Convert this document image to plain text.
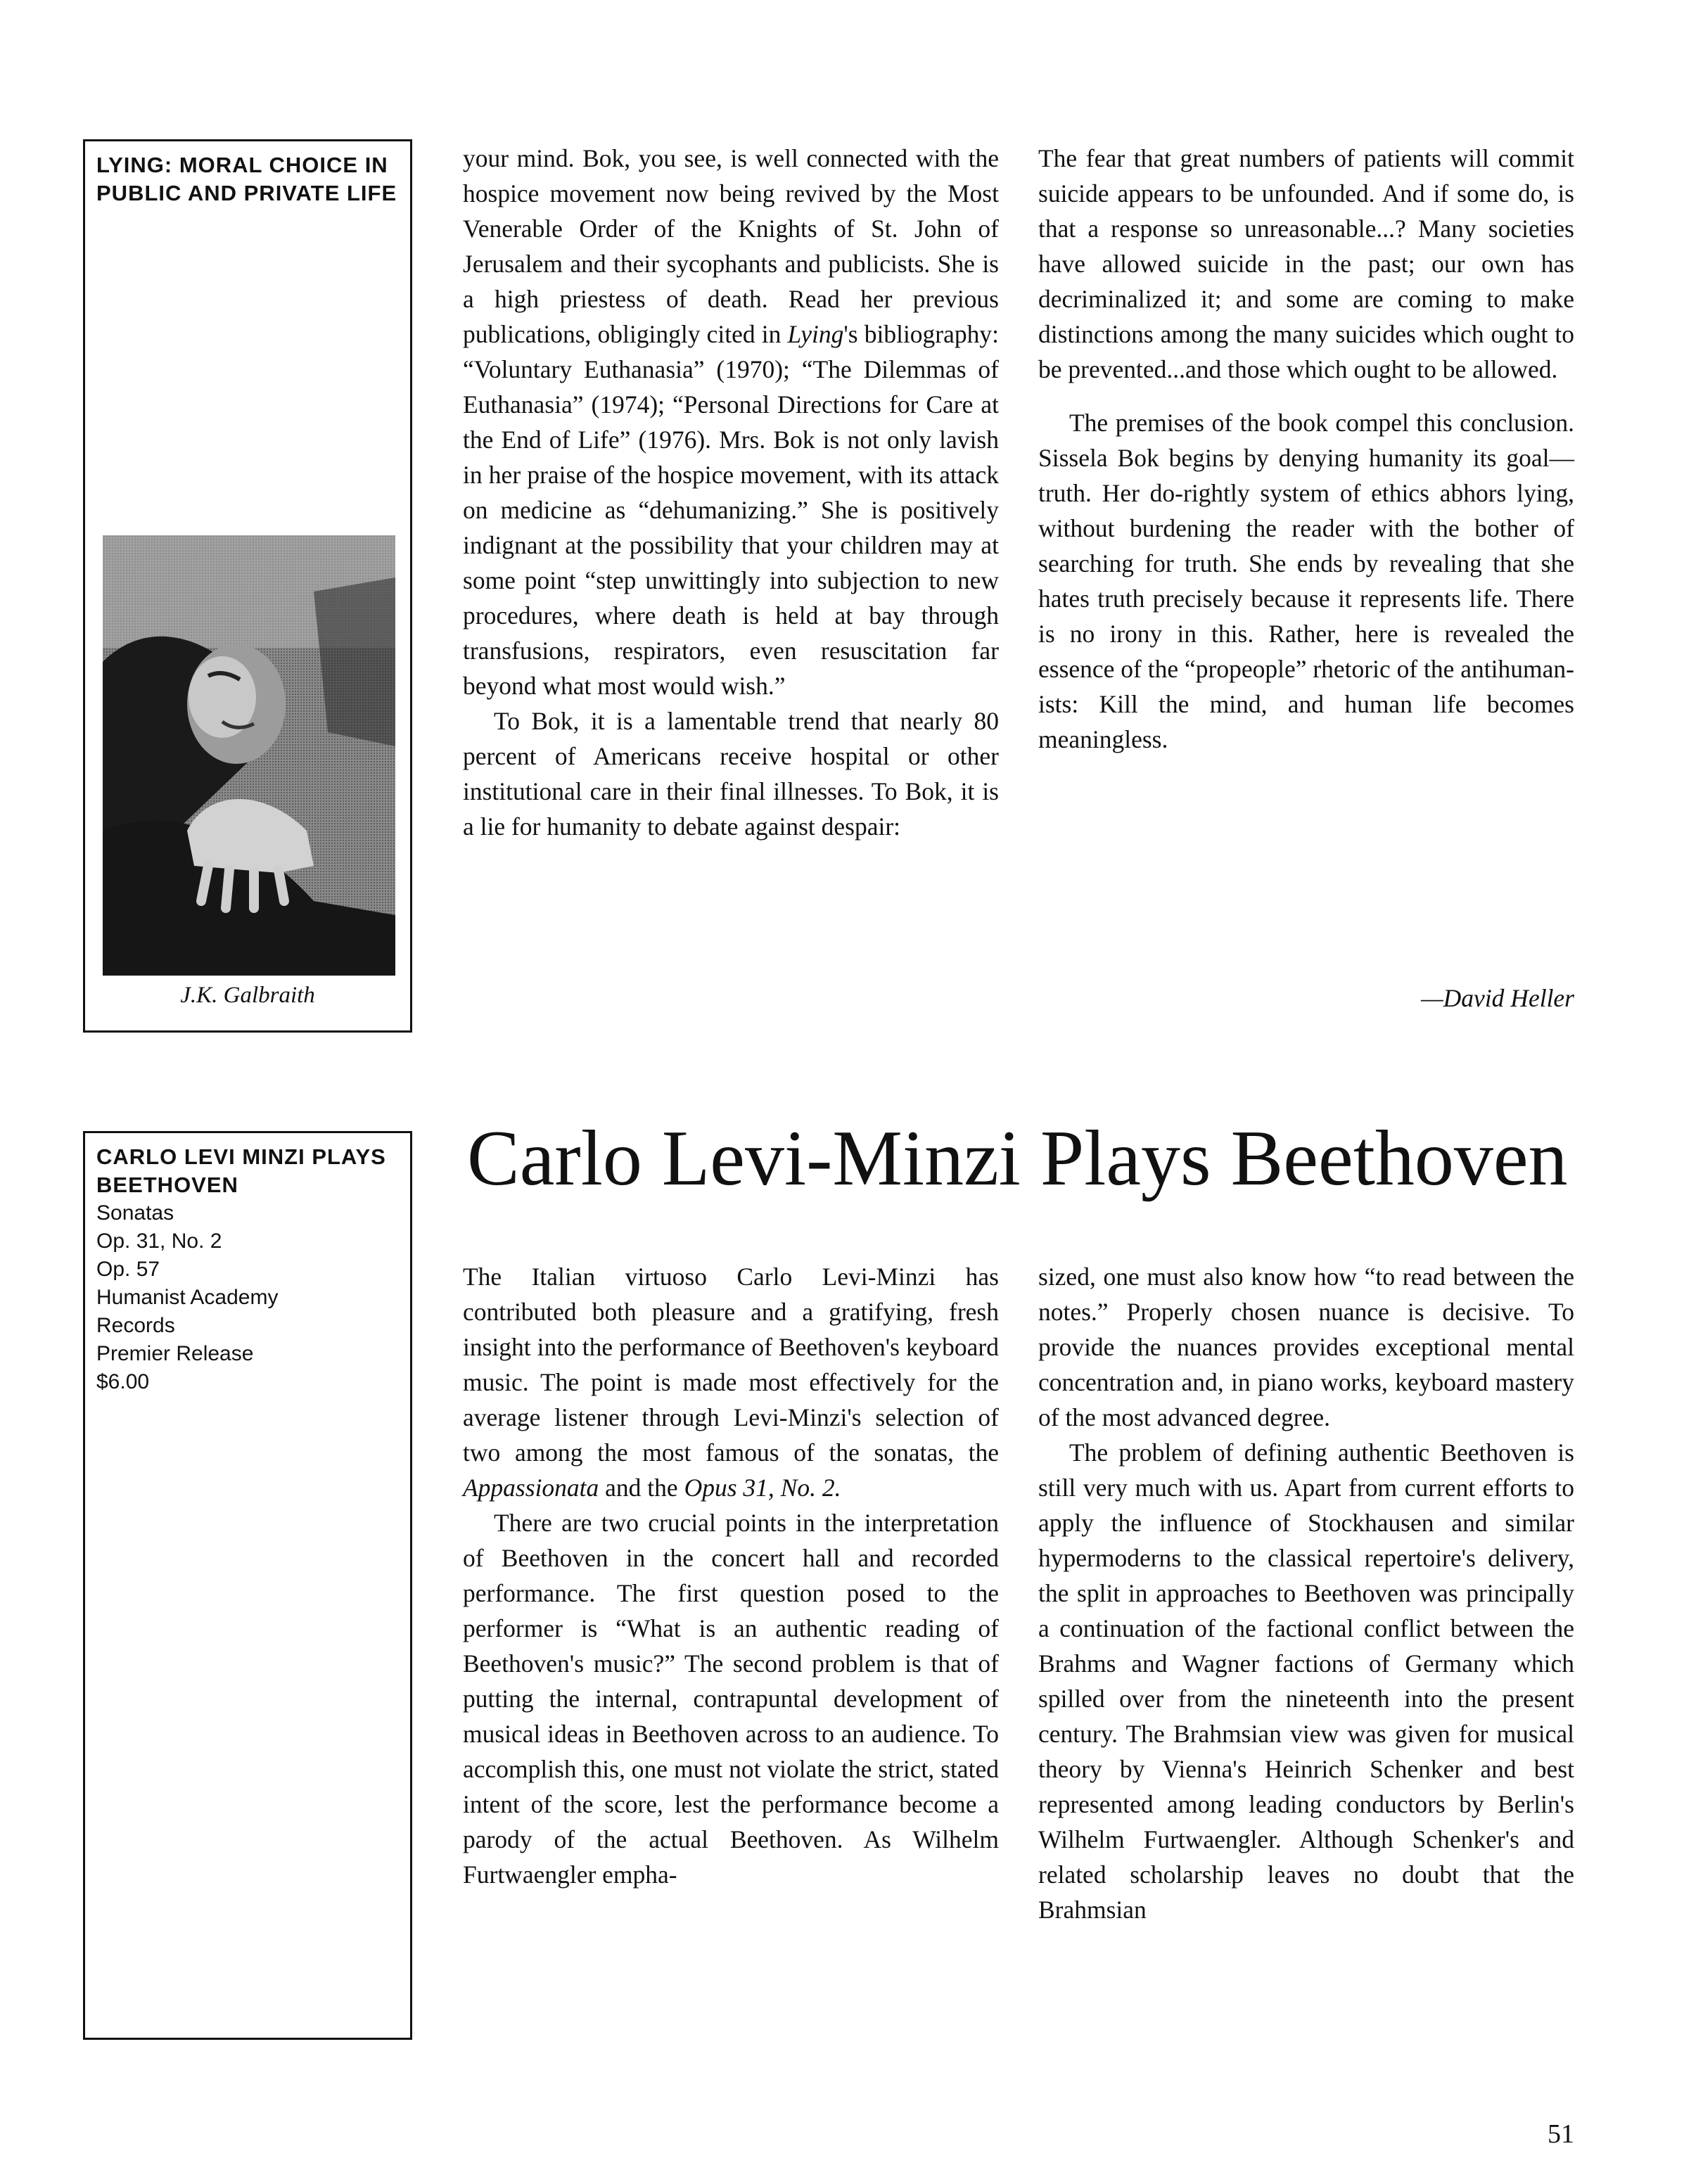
LYING: MORAL CHOICE IN PUBLIC AND PRIVATE LIFE
J.K. Galbraith
CARLO LEVI MINZI PLAYS BEETHOVEN
Sonatas
Op. 31, No. 2
Op. 57
Humanist Academy
Records
Premier Release
$6.00

your mind. Bok, you see, is well connected with the hospice movement now being revived by the Most Venerable Order of the Knights of St. John of Jerusalem and their sycophants and publicists. She is a high priestess of death. Read her previous publications, obligingly cited in Lying's bibliography: “Voluntary Euthanasia” (1970); “The Dilemmas of Euthanasia” (1974); “Personal Directions for Care at the End of Life” (1976). Mrs. Bok is not only lavish in her praise of the hospice movement, with its attack on medicine as “dehumanizing.” She is positively indignant at the possibility that your children may at some point “step unwittingly into subjection to new procedures, where death is held at bay through transfusions, respirators, even resuscitation far beyond what most would wish.”

To Bok, it is a lamentable trend that nearly 80 percent of Americans receive hospital or other institutional care in their final illnesses. To Bok, it is a lie for humanity to debate against despair:

The fear that great numbers of patients will commit suicide appears to be unfounded. And if some do, is that a response so unreasonable...? Many societies have allowed suicide in the past; our own has decriminalized it; and some are coming to make distinctions among the many suicides which ought to be prevented...and those which ought to be allowed.

The premises of the book compel this conclusion. Sissela Bok begins by denying humanity its goal—truth. Her do-rightly system of ethics abhors lying, without burdening the reader with the bother of searching for truth. She ends by revealing that she hates truth precisely because it represents life. There is no irony in this. Rather, here is revealed the essence of the “propeople” rhetoric of the antihumanists: Kill the mind, and human life becomes meaningless.

—David Heller
Carlo Levi-Minzi Plays Beethoven

The Italian virtuoso Carlo Levi-Minzi has contributed both pleasure and a gratifying, fresh insight into the performance of Beethoven's keyboard music. The point is made most effectively for the average listener through Levi-Minzi's selection of two among the most famous of the sonatas, the Appassionata and the Opus 31, No. 2.

There are two crucial points in the interpretation of Beethoven in the concert hall and recorded performance. The first question posed to the performer is “What is an authentic reading of Beethoven's music?” The second problem is that of putting the internal, contrapuntal development of musical ideas in Beethoven across to an audience. To accomplish this, one must not violate the strict, stated intent of the score, lest the performance become a parody of the actual Beethoven. As Wilhelm Furtwaengler empha-

sized, one must also know how “to read between the notes.” Properly chosen nuance is decisive. To provide the nuances provides exceptional mental concentration and, in piano works, keyboard mastery of the most advanced degree.

The problem of defining authentic Beethoven is still very much with us. Apart from current efforts to apply the influence of Stockhausen and similar hypermoderns to the classical repertoire's delivery, the split in approaches to Beethoven was principally a continuation of the factional conflict between the Brahms and Wagner factions of Germany which spilled over from the nineteenth into the present century. The Brahmsian view was given for musical theory by Vienna's Heinrich Schenker and best represented among leading conductors by Berlin's Wilhelm Furtwaengler. Although Schenker's and related scholarship leaves no doubt that the Brahmsian

51
